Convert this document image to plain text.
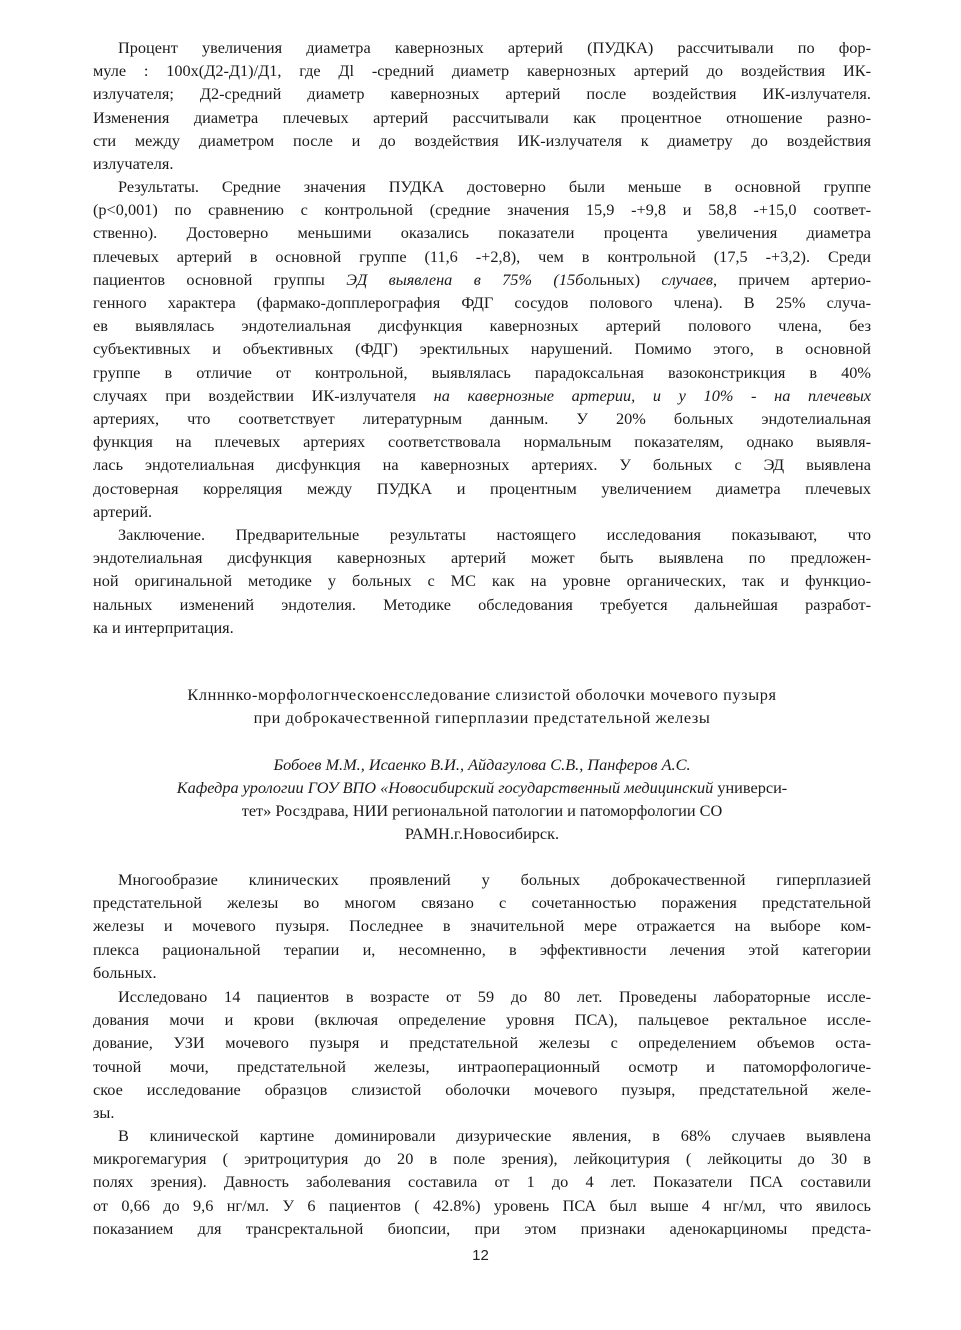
Процент увеличения диаметра кавернозных артерий (ПУДКА) рассчитывали по фор-
муле : 100х(Д2-Д1)/Д1, где Дl -средний диаметр кавернозных артерий до воздействия ИК-
излучателя; Д2-средний диаметр кавернозных артерий после воздействия ИК-излучателя.
Изменения диаметра плечевых артерий рассчитывали как процентное отношение разно-
сти между диаметром после и до воздействия ИК-излучателя к диаметру до воздействия
излучателя.
Результаты. Средние значения ПУДКА достоверно были меньше в основной группе
(p<0,001) по сравнению с контрольной (средние значения 15,9 -+9,8 и 58,8 -+15,0 соответ-
ственно). Достоверно меньшими оказались показатели процента увеличения диаметра
плечевых артерий в основной группе (11,6 -+2,8), чем в контрольной (17,5 -+3,2). Среди
пациентов основной группы ЭД выявлена в 75% (15больных) случаев, причем артерио-
генного характера (фармако-допплерография ФДГ сосудов полового члена). В 25% случа-
ев выявлялась эндотелиальная дисфункция кавернозных артерий полового члена, без
субъективных и объективных (ФДГ) эректильных нарушений. Помимо этого, в основной
группе в отличие от контрольной, выявлялась парадоксальная вазоконстрикция в 40%
случаях при воздействии ИК-излучателя на кавернозные артерии, и у 10% - на плечевых
артериях, что соответствует литературным данным. У 20% больных эндотелиальная
функция на плечевых артериях соответствовала нормальным показателям, однако выявля-
лась эндотелиальная дисфункция на кавернозных артериях. У больных с ЭД выявлена
достоверная корреляция между ПУДКА и процентным увеличением диаметра плечевых
артерий.
Заключение. Предварительные результаты настоящего исследования показывают, что
эндотелиальная дисфункция кавернозных артерий может быть выявлена по предложен-
ной оригинальной методике у больных с МС как на уровне органических, так и функцио-
нальных изменений эндотелия. Методике обследования требуется дальнейшая разработ-
ка и интерпритация.
Клнннко-морфологнческоенсследование слизистой оболочки мочевого пузыря
при доброкачественной гиперплазии предстательной железы
Бобоев М.М., Исаенко В.И., Айдагулова С.В., Панферов А.С.
Кафедра урологии ГОУ ВПО «Новосибирский государственный медицинский универси-
тет» Росздрава, НИИ региональной патологии и патоморфологии СО
РАМН.г.Новосибирск.
Многообразие клинических проявлений у больных доброкачественной гиперплазией
предстательной железы во многом связано с сочетанностью поражения предстательной
железы и мочевого пузыря. Последнее в значительной мере отражается на выборе ком-
плекса рациональной терапии и, несомненно, в эффективности лечения этой категории
больных.
Исследовано 14 пациентов в возрасте от 59 до 80 лет. Проведены лабораторные иссле-
дования мочи и крови (включая определение уровня ПСА), пальцевое ректальное иссле-
дование, УЗИ мочевого пузыря и предстательной железы с определением объемов оста-
точной мочи, предстательной железы, интраоперационный осмотр и патоморфологиче-
ское исследование образцов слизистой оболочки мочевого пузыря, предстательной желе-
зы.
В клинической картине доминировали дизурические явления, в 68% случаев выявлена
микрогемагурия ( эритроцитурия до 20 в поле зрения), лейкоцитурия ( лейкоциты до 30 в
полях зрения). Давность заболевания составила от 1 до 4 лет. Показатели ПСА составили
от 0,66 до 9,6 нг/мл. У 6 пациентов ( 42.8%) уровень ПСА был выше 4 нг/мл, что явилось
показанием для трансректальной биопсии, при этом признаки аденокарциномы предста-
12
